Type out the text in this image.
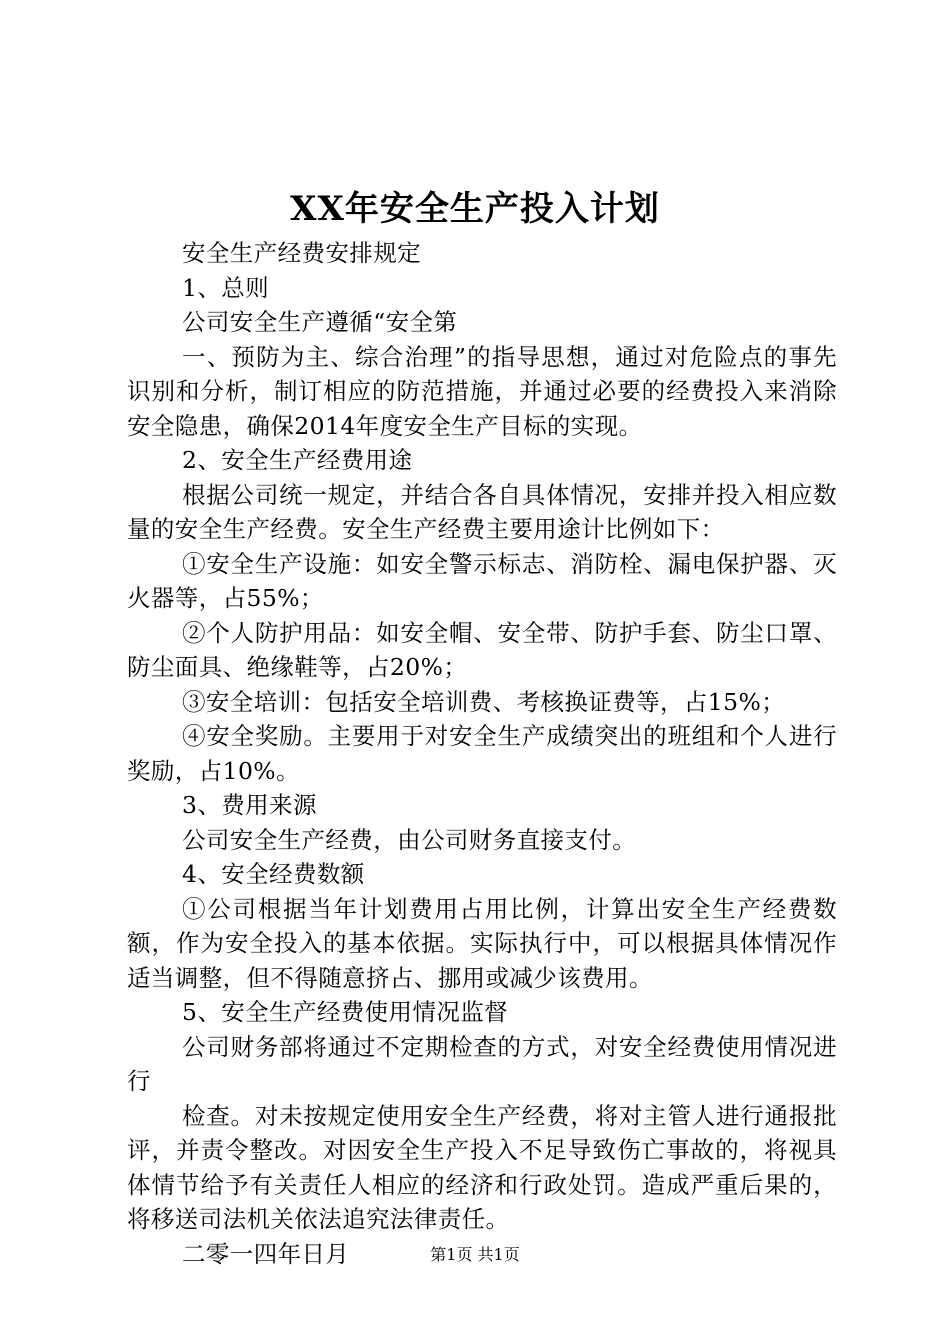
XX年安全生产投入计划

安全生产经费安排规定

1、总则

公司安全生产遵循“安全第

一、预防为主、综合治理”的指导思想，通过对危险点的事先识别和分析，制订相应的防范措施，并通过必要的经费投入来消除安全隐患，确保2014年度安全生产目标的实现。

2、安全生产经费用途

根据公司统一规定，并结合各自具体情况，安排并投入相应数量的安全生产经费。安全生产经费主要用途计比例如下：

①安全生产设施：如安全警示标志、消防栓、漏电保护器、灭火器等，占55%；

②个人防护用品：如安全帽、安全带、防护手套、防尘口罩、防尘面具、绝缘鞋等，占20%；

③安全培训：包括安全培训费、考核换证费等，占15%；

④安全奖励。主要用于对安全生产成绩突出的班组和个人进行奖励，占10%。

3、费用来源

公司安全生产经费，由公司财务直接支付。

4、安全经费数额

①公司根据当年计划费用占用比例，计算出安全生产经费数额，作为安全投入的基本依据。实际执行中，可以根据具体情况作适当调整，但不得随意挤占、挪用或减少该费用。

5、安全生产经费使用情况监督

公司财务部将通过不定期检查的方式，对安全经费使用情况进行

检查。对未按规定使用安全生产经费，将对主管人进行通报批评，并责令整改。对因安全生产投入不足导致伤亡事故的，将视具体情节给予有关责任人相应的经济和行政处罚。造成严重后果的，将移送司法机关依法追究法律责任。

二零一四年日月	第1页 共1页
